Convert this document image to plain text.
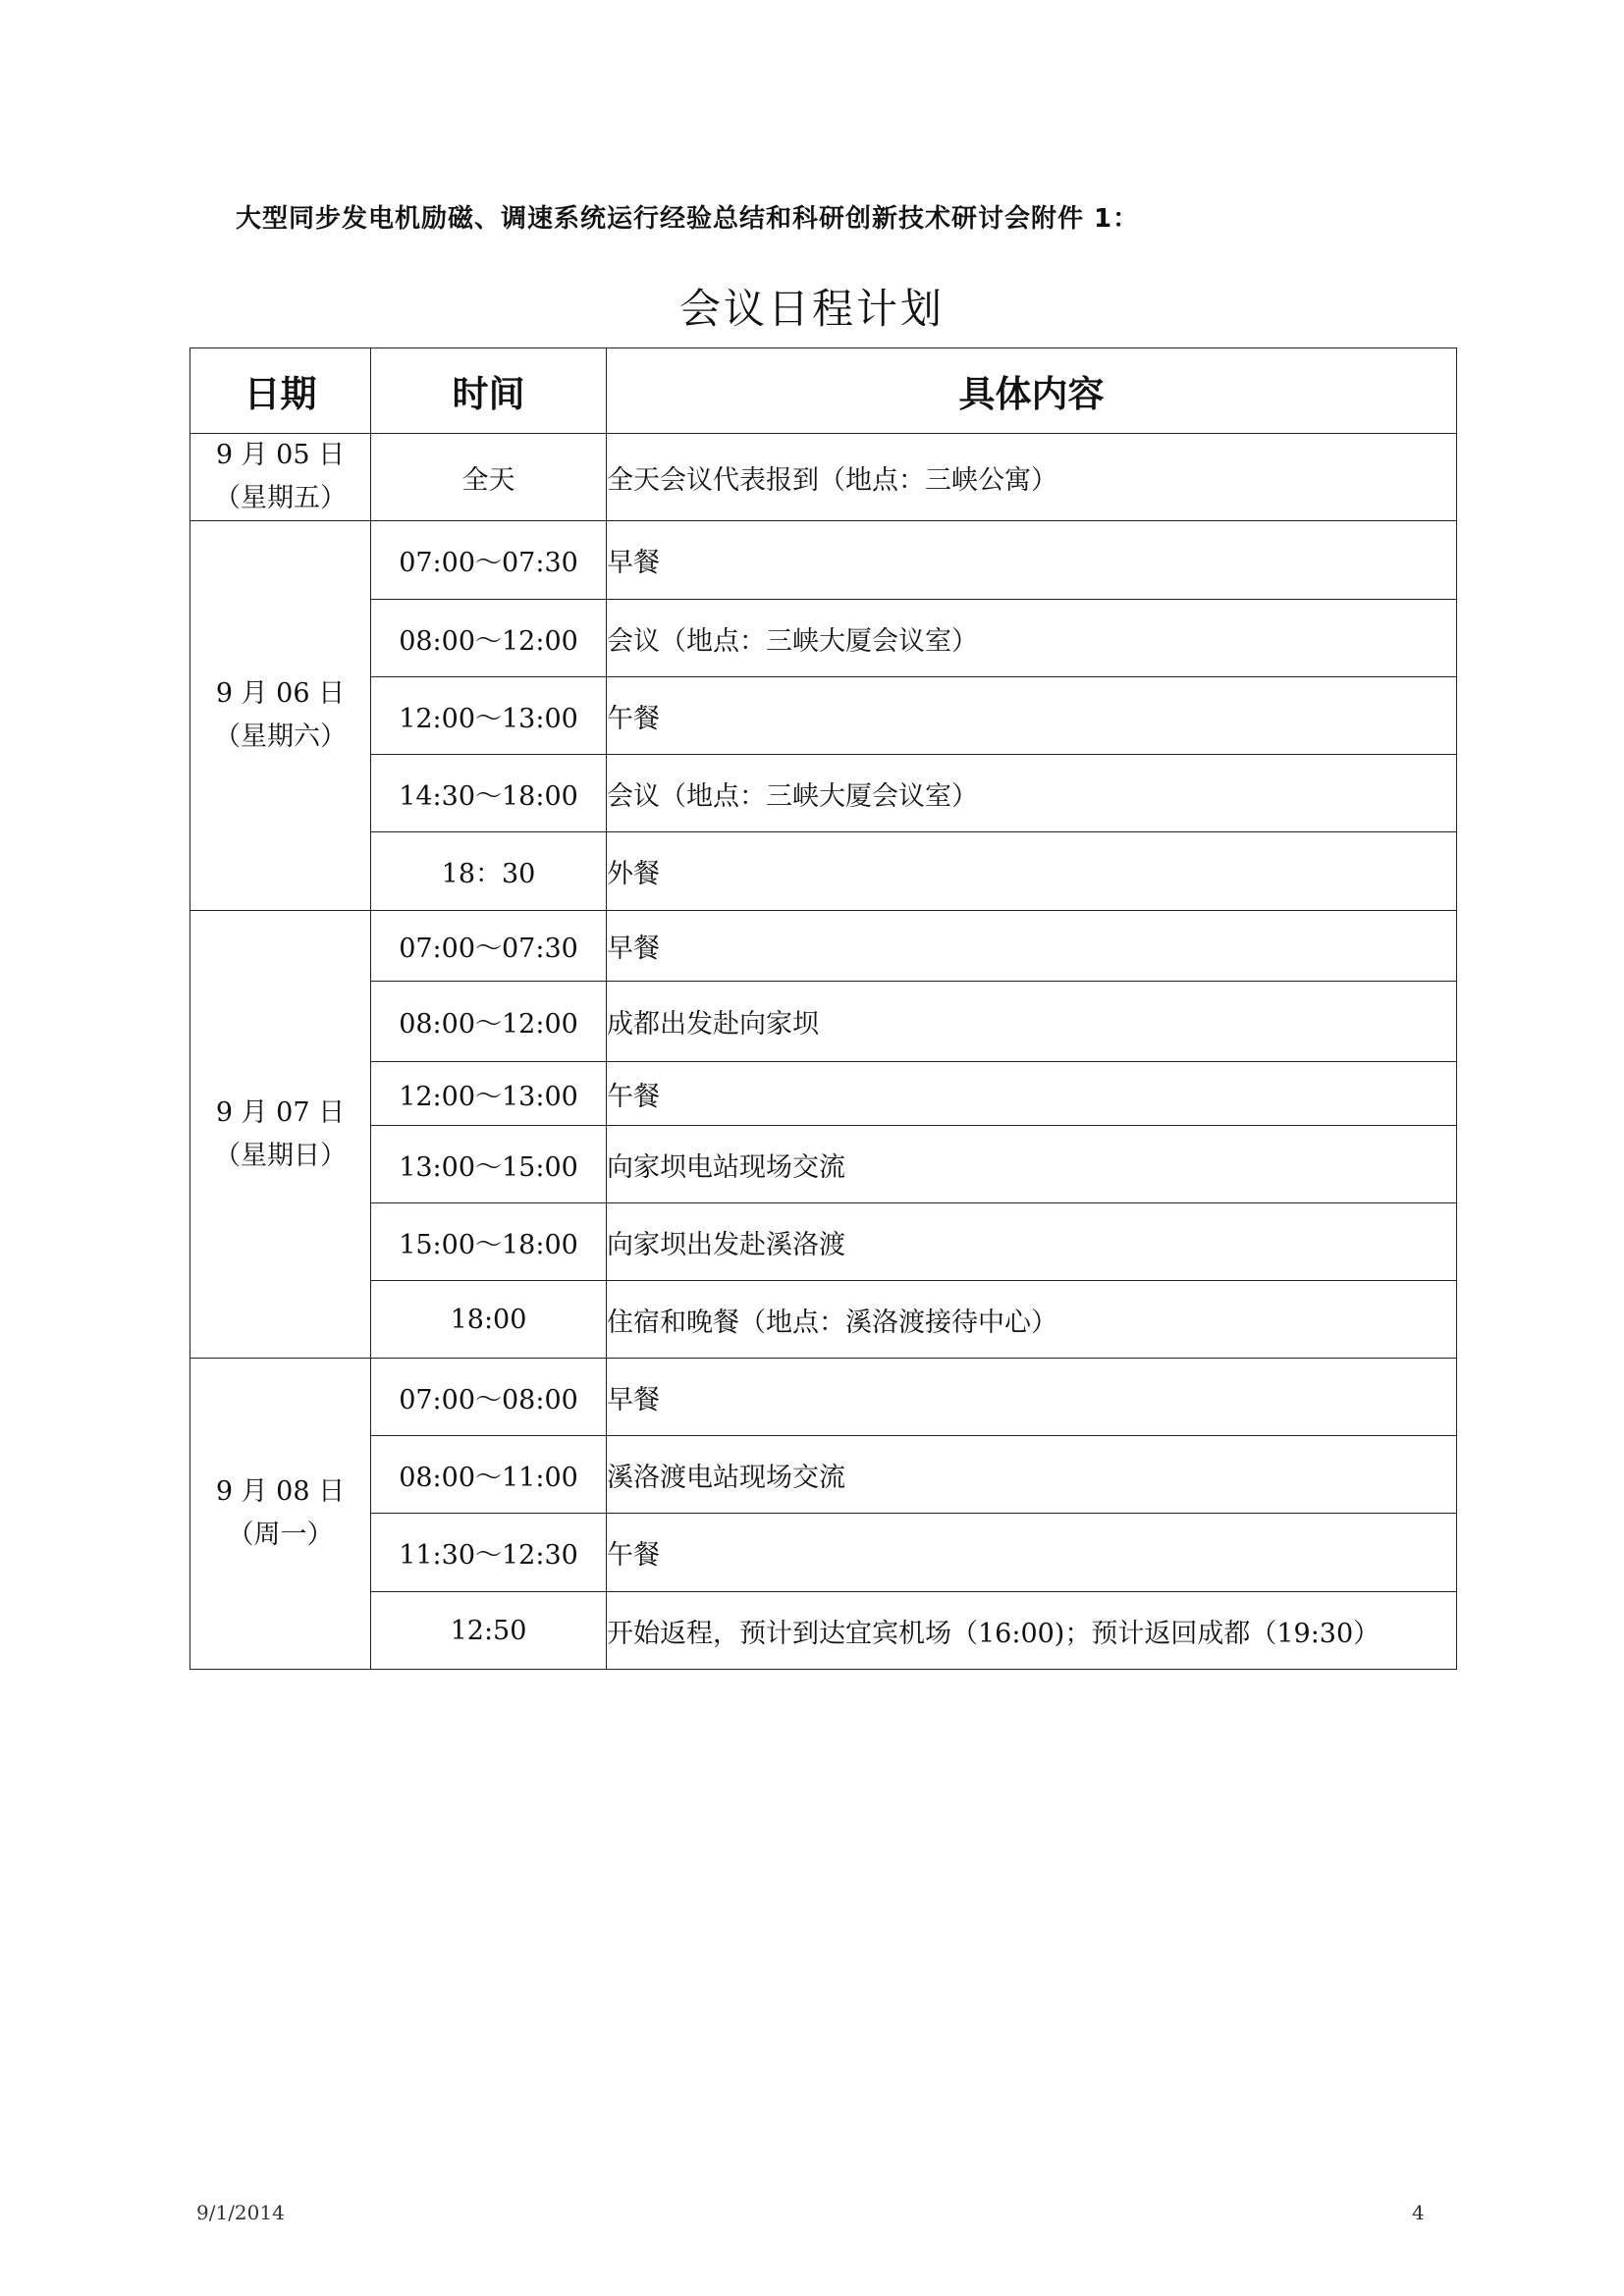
大型同步发电机励磁、调速系统运行经验总结和科研创新技术研讨会附件 1：
会议日程计划
日期	时间	具体内容

9 月 05 日
（星期五）	全天	全天会议代表报到（地点：三峡公寓）

9 月 06 日
（星期六）	07:00～07:30	早餐
	08:00～12:00	会议（地点：三峡大厦会议室）
	12:00～13:00	午餐
	14:30～18:00	会议（地点：三峡大厦会议室）
	18：30	外餐

9 月 07 日
（星期日）	07:00～07:30	早餐
	08:00～12:00	成都出发赴向家坝
	12:00～13:00	午餐
	13:00～15:00	向家坝电站现场交流
	15:00～18:00	向家坝出发赴溪洛渡
	18:00	住宿和晚餐（地点：溪洛渡接待中心）

9 月 08 日
（周一）	07:00～08:00	早餐
	08:00～11:00	溪洛渡电站现场交流
	11:30～12:30	午餐
	12:50	开始返程，预计到达宜宾机场（16:00)；预计返回成都（19:30）
9/1/2014	4
